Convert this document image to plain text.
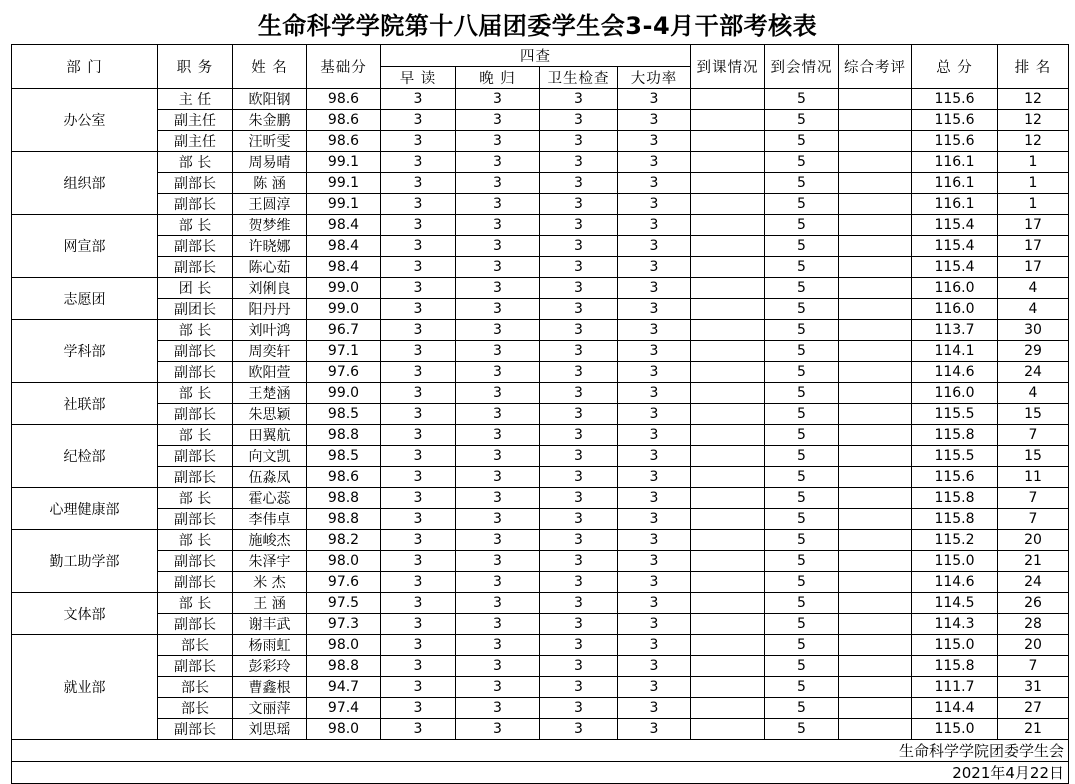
生命科学学院第十八届团委学生会3-4月干部考核表
部 门	职 务	姓 名	基础分	四查				到课情况	到会情况	综合考评	总 分	排 名
				早 读	晚 归	卫生检查	大功率					
办公室	主 任	欧阳钢	98.6	3	3	3	3		5		115.6	12
	副主任	朱金鹏	98.6	3	3	3	3		5		115.6	12
	副主任	汪昕雯	98.6	3	3	3	3		5		115.6	12
组织部	部 长	周易晴	99.1	3	3	3	3		5		116.1	1
	副部长	陈 涵	99.1	3	3	3	3		5		116.1	1
	副部长	王圆淳	99.1	3	3	3	3		5		116.1	1
网宣部	部 长	贺梦维	98.4	3	3	3	3		5		115.4	17
	副部长	许晓娜	98.4	3	3	3	3		5		115.4	17
	副部长	陈心茹	98.4	3	3	3	3		5		115.4	17
志愿团	团 长	刘俐良	99.0	3	3	3	3		5		116.0	4
	副团长	阳丹丹	99.0	3	3	3	3		5		116.0	4
学科部	部 长	刘叶鸿	96.7	3	3	3	3		5		113.7	30
	副部长	周奕轩	97.1	3	3	3	3		5		114.1	29
	副部长	欧阳萱	97.6	3	3	3	3		5		114.6	24
社联部	部 长	王楚涵	99.0	3	3	3	3		5		116.0	4
	副部长	朱思颖	98.5	3	3	3	3		5		115.5	15
纪检部	部 长	田翼航	98.8	3	3	3	3		5		115.8	7
	副部长	向文凯	98.5	3	3	3	3		5		115.5	15
	副部长	伍淼凤	98.6	3	3	3	3		5		115.6	11
心理健康部	部 长	霍心蕊	98.8	3	3	3	3		5		115.8	7
	副部长	李伟卓	98.8	3	3	3	3		5		115.8	7
勤工助学部	部 长	施峻杰	98.2	3	3	3	3		5		115.2	20
	副部长	朱泽宇	98.0	3	3	3	3		5		115.0	21
	副部长	米 杰	97.6	3	3	3	3		5		114.6	24
文体部	部 长	王 涵	97.5	3	3	3	3		5		114.5	26
	副部长	谢丰武	97.3	3	3	3	3		5		114.3	28
就业部	部长	杨雨虹	98.0	3	3	3	3		5		115.0	20
	副部长	彭彩玲	98.8	3	3	3	3		5		115.8	7
	部长	曹鑫根	94.7	3	3	3	3		5		111.7	31
	部长	文丽萍	97.4	3	3	3	3		5		114.4	27
	副部长	刘思瑶	98.0	3	3	3	3		5		115.0	21
生命科学学院团委学生会												
2021年4月22日												
